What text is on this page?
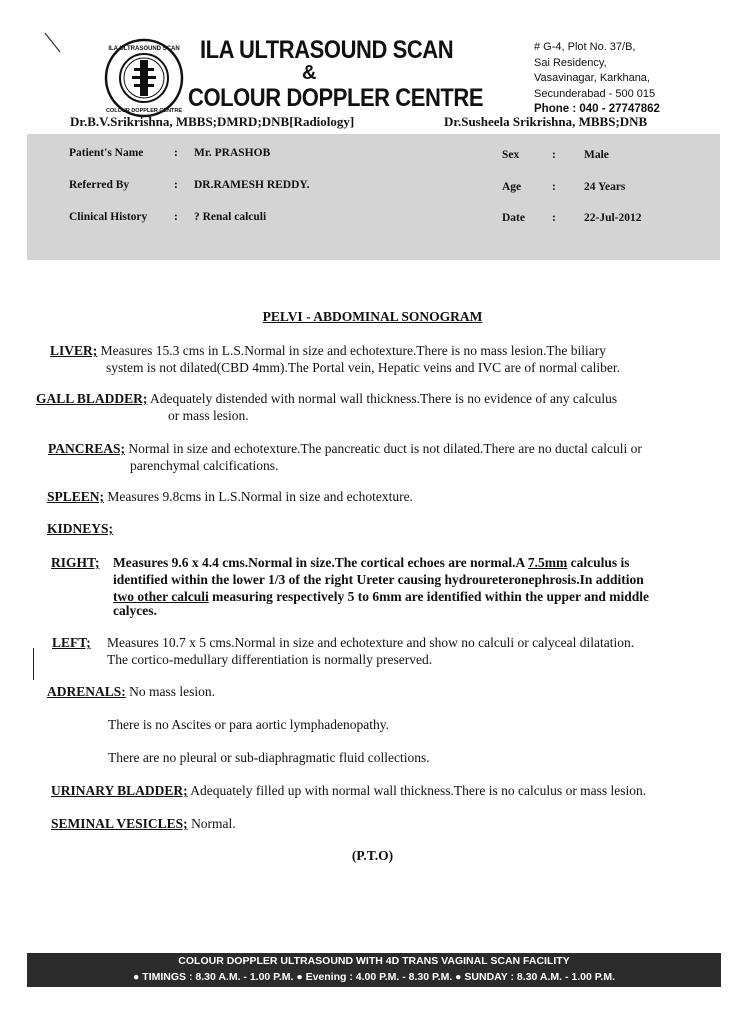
ILA ULTRASOUND SCAN
COLOUR DOPPLER CENTRE
ILA ULTRASOUND SCAN
&
COLOUR DOPPLER CENTRE
# G-4, Plot No. 37/B,
Sai Residency,
Vasavinagar, Karkhana,
Secunderabad - 500 015
Phone : 040 - 27747862
Dr.B.V.Srikrishna, MBBS;DMRD;DNB[Radiology]	Dr.Susheela Srikrishna, MBBS;DNB
Patient's Name	: Mr. PRASHOB
Referred By	: DR.RAMESH REDDY.
Clinical History : ? Renal calculi
Sex	: Male
Age	: 24 Years
Date : 22-Jul-2012
PELVI - ABDOMINAL SONOGRAM
LIVER; Measures 15.3 cms in L.S.Normal in size and echotexture.There is no mass lesion.The biliary
system is not dilated(CBD 4mm).The Portal vein, Hepatic veins and IVC are of normal caliber.
GALL BLADDER; Adequately distended with normal wall thickness.There is no evidence of any calculus
or mass lesion.
PANCREAS; Normal in size and echotexture.The pancreatic duct is not dilated.There are no ductal calculi or
parenchymal calcifications.
SPLEEN; Measures 9.8cms in L.S.Normal in size and echotexture.
KIDNEYS;
RIGHT; Measures 9.6 x 4.4 cms.Normal in size.The cortical echoes are normal.A 7.5mm calculus is
identified within the lower 1/3 of the right Ureter causing hydroureteronephrosis.In addition
two other calculi measuring respectively 5 to 6mm are identified within the upper and middle
calyces.
LEFT; Measures 10.7 x 5 cms.Normal in size and echotexture and show no calculi or calyceal dilatation.
The cortico-medullary differentiation is normally preserved.
ADRENALS: No mass lesion.
There is no Ascites or para aortic lymphadenopathy.
There are no pleural or sub-diaphragmatic fluid collections.
URINARY BLADDER; Adequately filled up with normal wall thickness.There is no calculus or mass lesion.
SEMINAL VESICLES; Normal.
(P.T.O)
COLOUR DOPPLER ULTRASOUND WITH 4D TRANS VAGINAL SCAN FACILITY
● TIMINGS : 8.30 A.M. - 1.00 P.M. ● Evening : 4.00 P.M. - 8.30 P.M. ● SUNDAY : 8.30 A.M. - 1.00 P.M.
